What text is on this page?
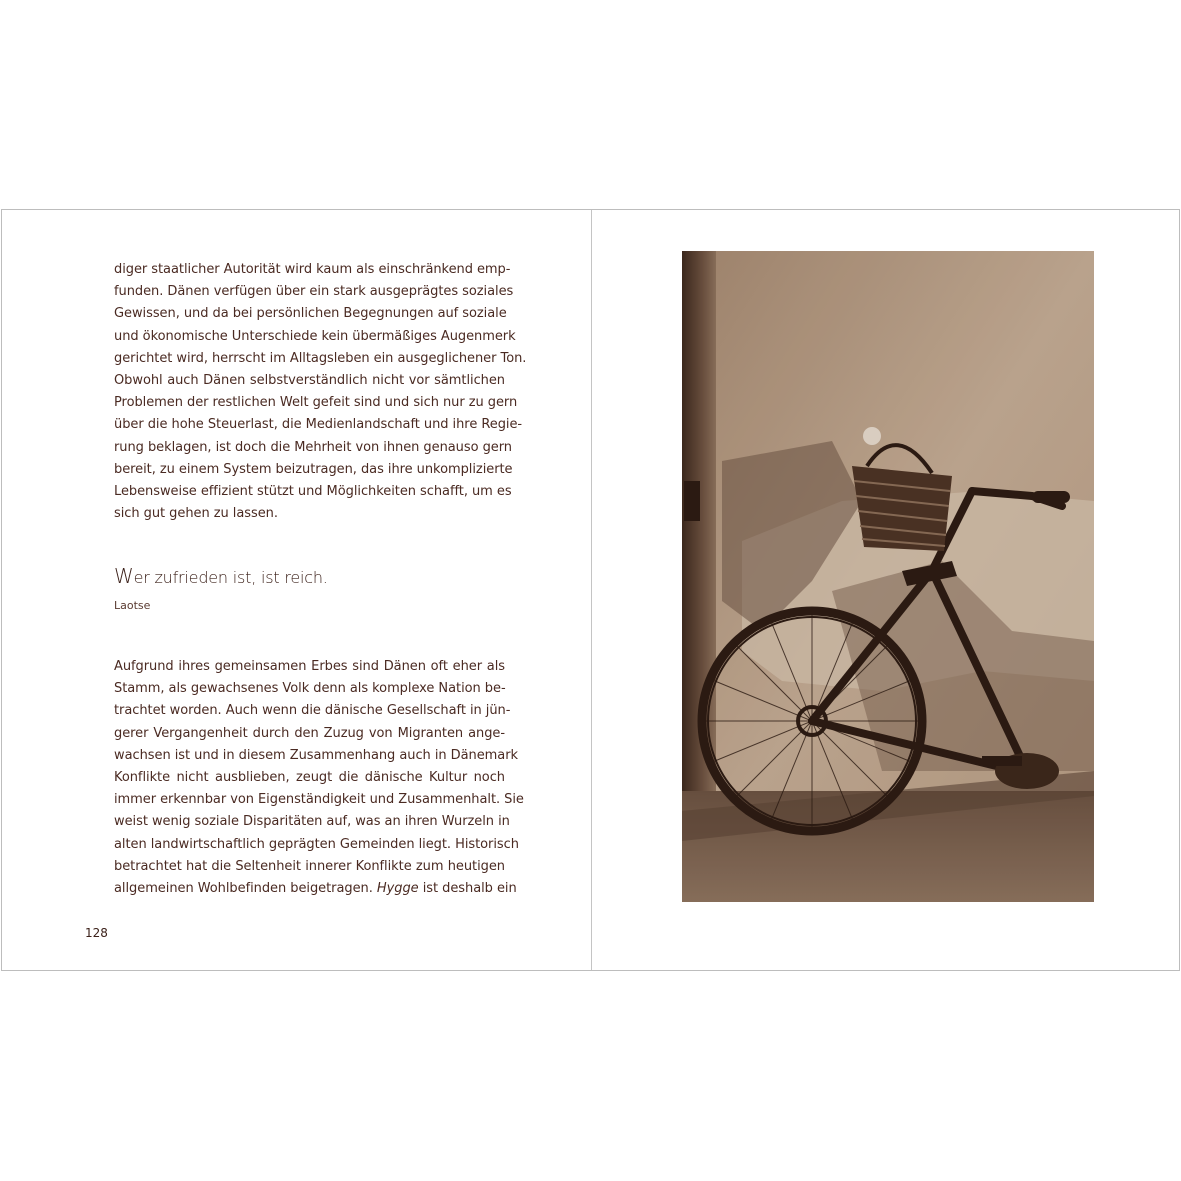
diger staatlicher Autorität wird kaum als einschränkend emp-
funden. Dänen verfügen über ein stark ausgeprägtes soziales
Gewissen, und da bei persönlichen Begegnungen auf soziale
und ökonomische Unterschiede kein übermäßiges Augenmerk
gerichtet wird, herrscht im Alltagsleben ein ausgeglichener Ton.
Obwohl auch Dänen selbstverständlich nicht vor sämtlichen
Problemen der restlichen Welt gefeit sind und sich nur zu gern
über die hohe Steuerlast, die Medienlandschaft und ihre Regie-
rung beklagen, ist doch die Mehrheit von ihnen genauso gern
bereit, zu einem System beizutragen, das ihre unkomplizierte
Lebensweise effizient stützt und Möglichkeiten schafft, um es
sich gut gehen zu lassen.
Wer zufrieden ist, ist reich.
Laotse
Aufgrund ihres gemeinsamen Erbes sind Dänen oft eher als
Stamm, als gewachsenes Volk denn als komplexe Nation be-
trachtet worden. Auch wenn die dänische Gesellschaft in jün-
gerer Vergangenheit durch den Zuzug von Migranten ange-
wachsen ist und in diesem Zusammenhang auch in Dänemark
Konflikte nicht ausblieben, zeugt die dänische Kultur noch
immer erkennbar von Eigenständigkeit und Zusammenhalt. Sie
weist wenig soziale Disparitäten auf, was an ihren Wurzeln in
alten landwirtschaftlich geprägten Gemeinden liegt. Historisch
betrachtet hat die Seltenheit innerer Konflikte zum heutigen
allgemeinen Wohlbefinden beigetragen. Hygge ist deshalb ein
128
